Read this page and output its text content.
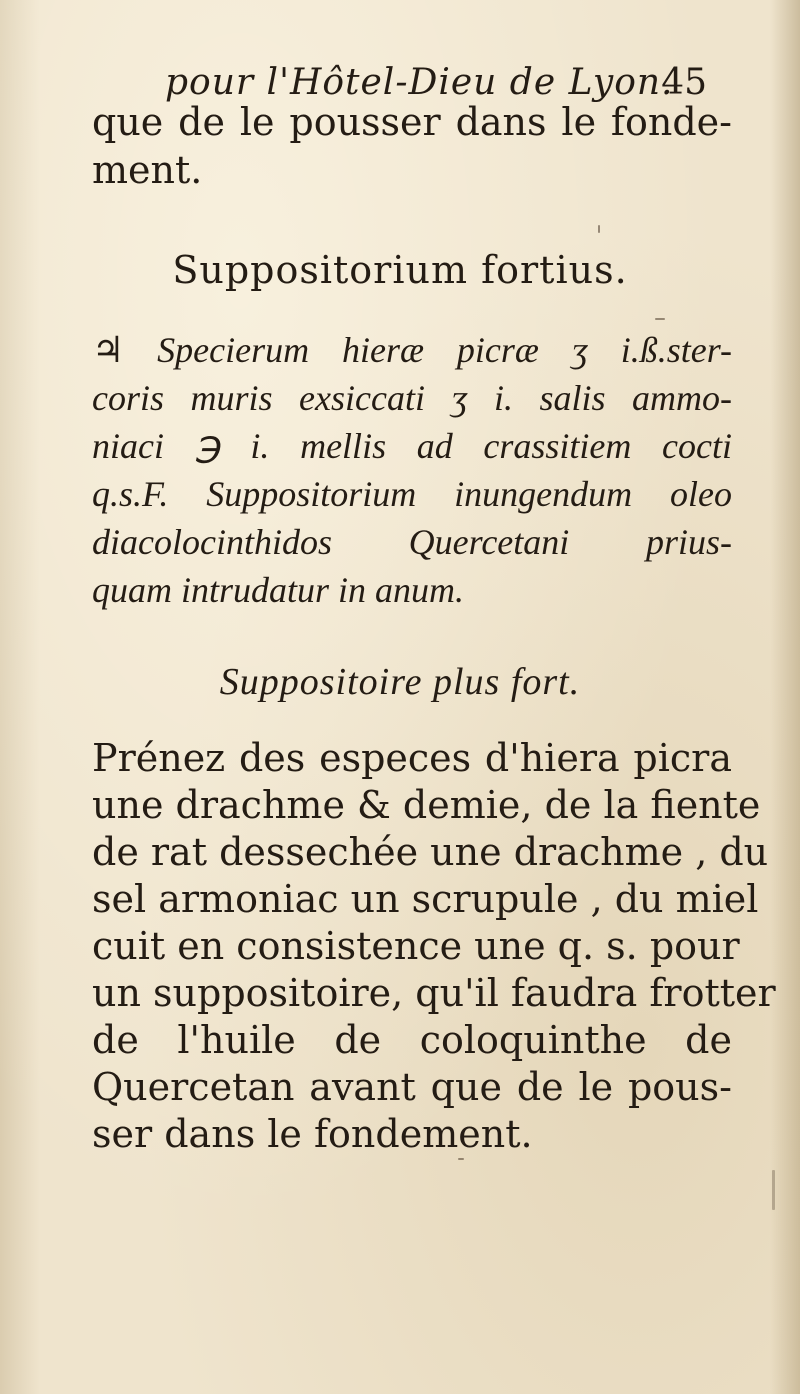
pour l'Hôtel-Dieu de Lyon.
45
que de le pousser dans le fonde-
ment.
Suppositorium fortius.
♃ Specierum hieræ picræ ʒ i.ß.ster-
coris muris exsiccati ʒ i. salis ammo-
niaci ℈ i. mellis ad crassitiem cocti
q.s.F. Suppositorium inungendum oleo
diacolocinthidos Quercetani prius-
quam intrudatur in anum.
Suppositoire plus fort.
Prénez des especes d'hiera picra
une drachme & demie, de la fiente
de rat dessechée une drachme , du
sel armoniac un scrupule , du miel
cuit en consistence une q. s. pour
un suppositoire, qu'il faudra frotter
de l'huile de coloquinthe de
Quercetan avant que de le pous-
ser dans le fondement.
